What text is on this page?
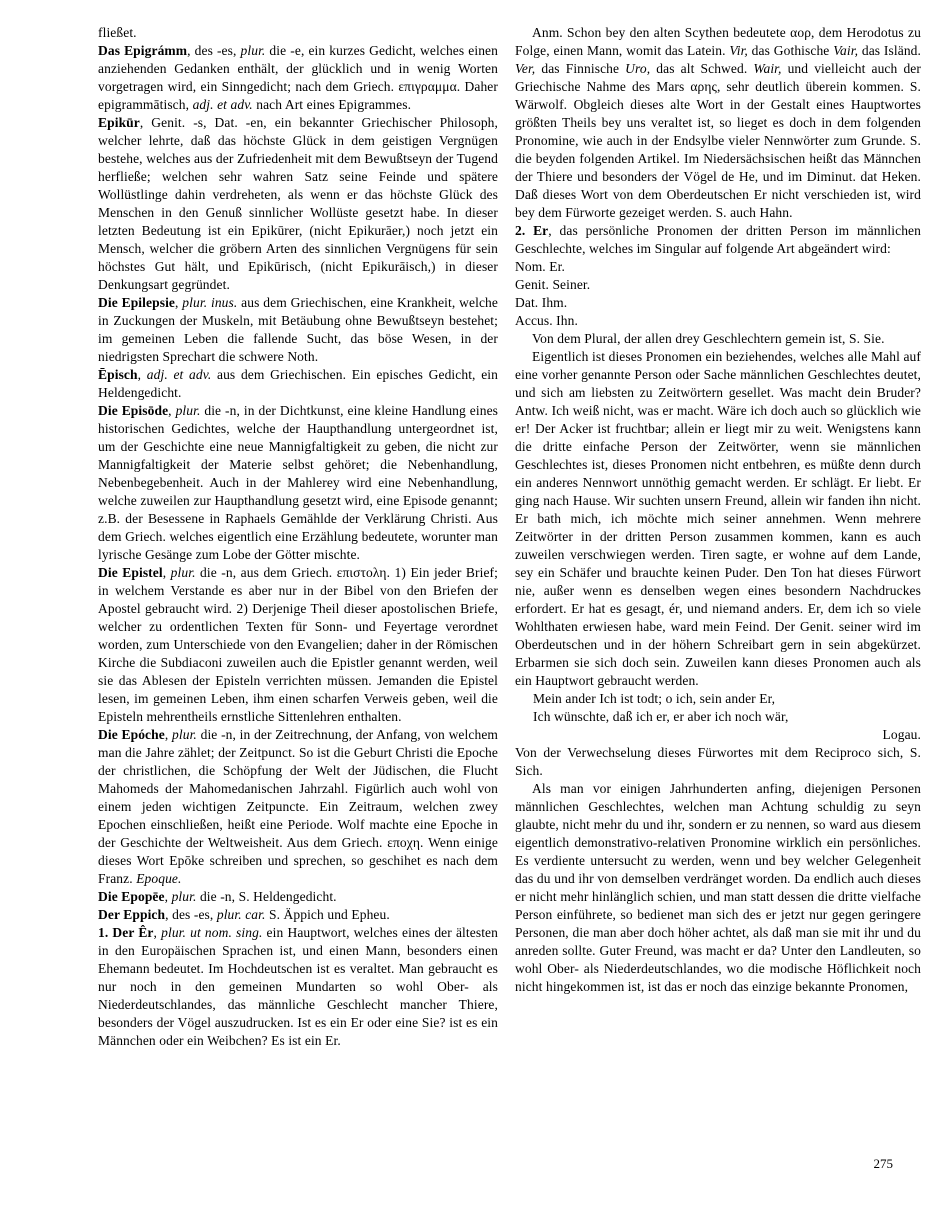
fließet.

Das Epigrámm, des -es, plur. die -e, ein kurzes Gedicht, welches einen anziehenden Gedanken enthält, der glücklich und in wenig Worten vorgetragen wird, ein Sinngedicht; nach dem Griech. επιγραμμα. Daher epigrammātisch, adj. et adv. nach Art eines Epigrammes.

Epikūr, Genit. -s, Dat. -en, ein bekannter Griechischer Philosoph, welcher lehrte, daß das höchste Glück in dem geistigen Vergnügen bestehe, welches aus der Zufriedenheit mit dem Bewußtseyn der Tugend herfließe; welchen sehr wahren Satz seine Feinde und spätere Wollüstlinge dahin verdreheten, als wenn er das höchste Glück des Menschen in den Genuß sinnlicher Wollüste gesetzt habe. In dieser letzten Bedeutung ist ein Epikūrer, (nicht Epikurāer,) noch jetzt ein Mensch, welcher die gröbern Arten des sinnlichen Vergnügens für sein höchstes Gut hält, und Epikūrisch, (nicht Epikurāisch,) in dieser Denkungsart gegründet.

Die Epilepsie, plur. inus. aus dem Griechischen, eine Krankheit, welche in Zuckungen der Muskeln, mit Betäubung ohne Bewußtseyn bestehet; im gemeinen Leben die fallende Sucht, das böse Wesen, in der niedrigsten Sprechart die schwere Noth.

Ēpisch, adj. et adv. aus dem Griechischen. Ein episches Gedicht, ein Heldengedicht.

Die Episōde, plur. die -n, in der Dichtkunst, eine kleine Handlung eines historischen Gedichtes, welche der Haupthandlung untergeordnet ist, um der Geschichte eine neue Mannigfaltigkeit zu geben, die nicht zur Mannigfaltigkeit der Materie selbst gehöret; die Nebenhandlung, Nebenbegebenheit. Auch in der Mahlerey wird eine Nebenhandlung, welche zuweilen zur Haupthandlung gesetzt wird, eine Episode genannt; z.B. der Besessene in Raphaels Gemählde der Verklärung Christi. Aus dem Griech. welches eigentlich eine Erzählung bedeutete, worunter man lyrische Gesänge zum Lobe der Götter mischte.

Die Epistel, plur. die -n, aus dem Griech. επιστολη. 1) Ein jeder Brief; in welchem Verstande es aber nur in der Bibel von den Briefen der Apostel gebraucht wird. 2) Derjenige Theil dieser apostolischen Briefe, welcher zu ordentlichen Texten für Sonn- und Feyertage verordnet worden, zum Unterschiede von den Evangelien; daher in der Römischen Kirche die Subdiaconi zuweilen auch die Epistler genannt werden, weil sie das Ablesen der Episteln verrichten müssen. Jemanden die Epistel lesen, im gemeinen Leben, ihm einen scharfen Verweis geben, weil die Episteln mehrentheils ernstliche Sittenlehren enthalten.

Die Epóche, plur. die -n, in der Zeitrechnung, der Anfang, von welchem man die Jahre zählet; der Zeitpunct. So ist die Geburt Christi die Epoche der christlichen, die Schöpfung der Welt der Jüdischen, die Flucht Mahomeds der Mahomedanischen Jahrzahl. Figürlich auch wohl von einem jeden wichtigen Zeitpuncte. Ein Zeitraum, welchen zwey Epochen einschließen, heißt eine Periode. Wolf machte eine Epoche in der Geschichte der Weltweisheit. Aus dem Griech. εποχη. Wenn einige dieses Wort Epōke schreiben und sprechen, so geschihet es nach dem Franz. Epoque.

Die Epopēe, plur. die -n, S. Heldengedicht.

Der Eppich, des -es, plur. car. S. Äppich und Epheu.

1. Der Êr, plur. ut nom. sing. ein Hauptwort, welches eines der ältesten in den Europäischen Sprachen ist, und einen Mann, besonders einen Ehemann bedeutet. Im Hochdeutschen ist es veraltet. Man gebraucht es nur noch in den gemeinen Mundarten so wohl Ober- als Niederdeutschlandes, das männliche Geschlecht mancher Thiere, besonders der Vögel auszudrucken. Ist es ein Er oder eine Sie? ist es ein Männchen oder ein Weibchen? Es ist ein Er.

Anm. Schon bey den alten Scythen bedeutete αορ, dem Herodotus zu Folge, einen Mann, womit das Latein. Vir, das Gothische Vair, das Isländ. Ver, das Finnische Uro, das alt Schwed. Wair, und vielleicht auch der Griechische Nahme des Mars αρης, sehr deutlich überein kommen. S. Wärwolf. Obgleich dieses alte Wort in der Gestalt eines Hauptwortes größten Theils bey uns veraltet ist, so lieget es doch in dem folgenden Pronomine, wie auch in der Endsylbe vieler Nennwörter zum Grunde. S. die beyden folgenden Artikel. Im Niedersächsischen heißt das Männchen der Thiere und besonders der Vögel de He, und im Diminut. dat Heken. Daß dieses Wort von dem Oberdeutschen Er nicht verschieden ist, wird bey dem Fürworte gezeiget werden. S. auch Hahn.

2. Er, das persönliche Pronomen der dritten Person im männlichen Geschlechte, welches im Singular auf folgende Art abgeändert wird:

Nom. Er.

Genit. Seiner.

Dat. Ihm.

Accus. Ihn.

Von dem Plural, der allen drey Geschlechtern gemein ist, S. Sie.

Eigentlich ist dieses Pronomen ein beziehendes, welches alle Mahl auf eine vorher genannte Person oder Sache männlichen Geschlechtes deutet, und sich am liebsten zu Zeitwörtern gesellet. Was macht dein Bruder? Antw. Ich weiß nicht, was er macht. Wäre ich doch auch so glücklich wie er! Der Acker ist fruchtbar; allein er liegt mir zu weit. Wenigstens kann die dritte einfache Person der Zeitwörter, wenn sie männlichen Geschlechtes ist, dieses Pronomen nicht entbehren, es müßte denn durch ein anderes Nennwort unnöthig gemacht werden. Er schlägt. Er liebt. Er ging nach Hause. Wir suchten unsern Freund, allein wir fanden ihn nicht. Er bath mich, ich möchte mich seiner annehmen. Wenn mehrere Zeitwörter in der dritten Person zusammen kommen, kann es auch zuweilen verschwiegen werden. Tiren sagte, er wohne auf dem Lande, sey ein Schäfer und brauchte keinen Puder. Den Ton hat dieses Fürwort nie, außer wenn es denselben wegen eines besondern Nachdruckes erfordert. Er hat es gesagt, ér, und niemand anders. Er, dem ich so viele Wohlthaten erwiesen habe, ward mein Feind. Der Genit. seiner wird im Oberdeutschen und in der höhern Schreibart gern in sein abgekürzet. Erbarmen sie sich doch sein. Zuweilen kann dieses Pronomen auch als ein Hauptwort gebraucht werden.

Mein ander Ich ist todt; o ich, sein ander Er,

Ich wünschte, daß ich er, er aber ich noch wär,

Logau.

Von der Verwechselung dieses Fürwortes mit dem Reciproco sich, S. Sich.

Als man vor einigen Jahrhunderten anfing, diejenigen Personen männlichen Geschlechtes, welchen man Achtung schuldig zu seyn glaubte, nicht mehr du und ihr, sondern er zu nennen, so ward aus diesem eigentlich demonstrativo-relativen Pronomine wirklich ein persönliches. Es verdiente untersucht zu werden, wenn und bey welcher Gelegenheit das du und ihr von demselben verdränget worden. Da endlich auch dieses er nicht mehr hinlänglich schien, und man statt dessen die dritte vielfache Person einführete, so bedienet man sich des er jetzt nur gegen geringere Personen, die man aber doch höher achtet, als daß man sie mit ihr und du anreden sollte. Guter Freund, was macht er da? Unter den Landleuten, so wohl Ober- als Niederdeutschlandes, wo die modische Höflichkeit noch nicht hingekommen ist, ist das er noch das einzige bekannte Pronomen,

275
